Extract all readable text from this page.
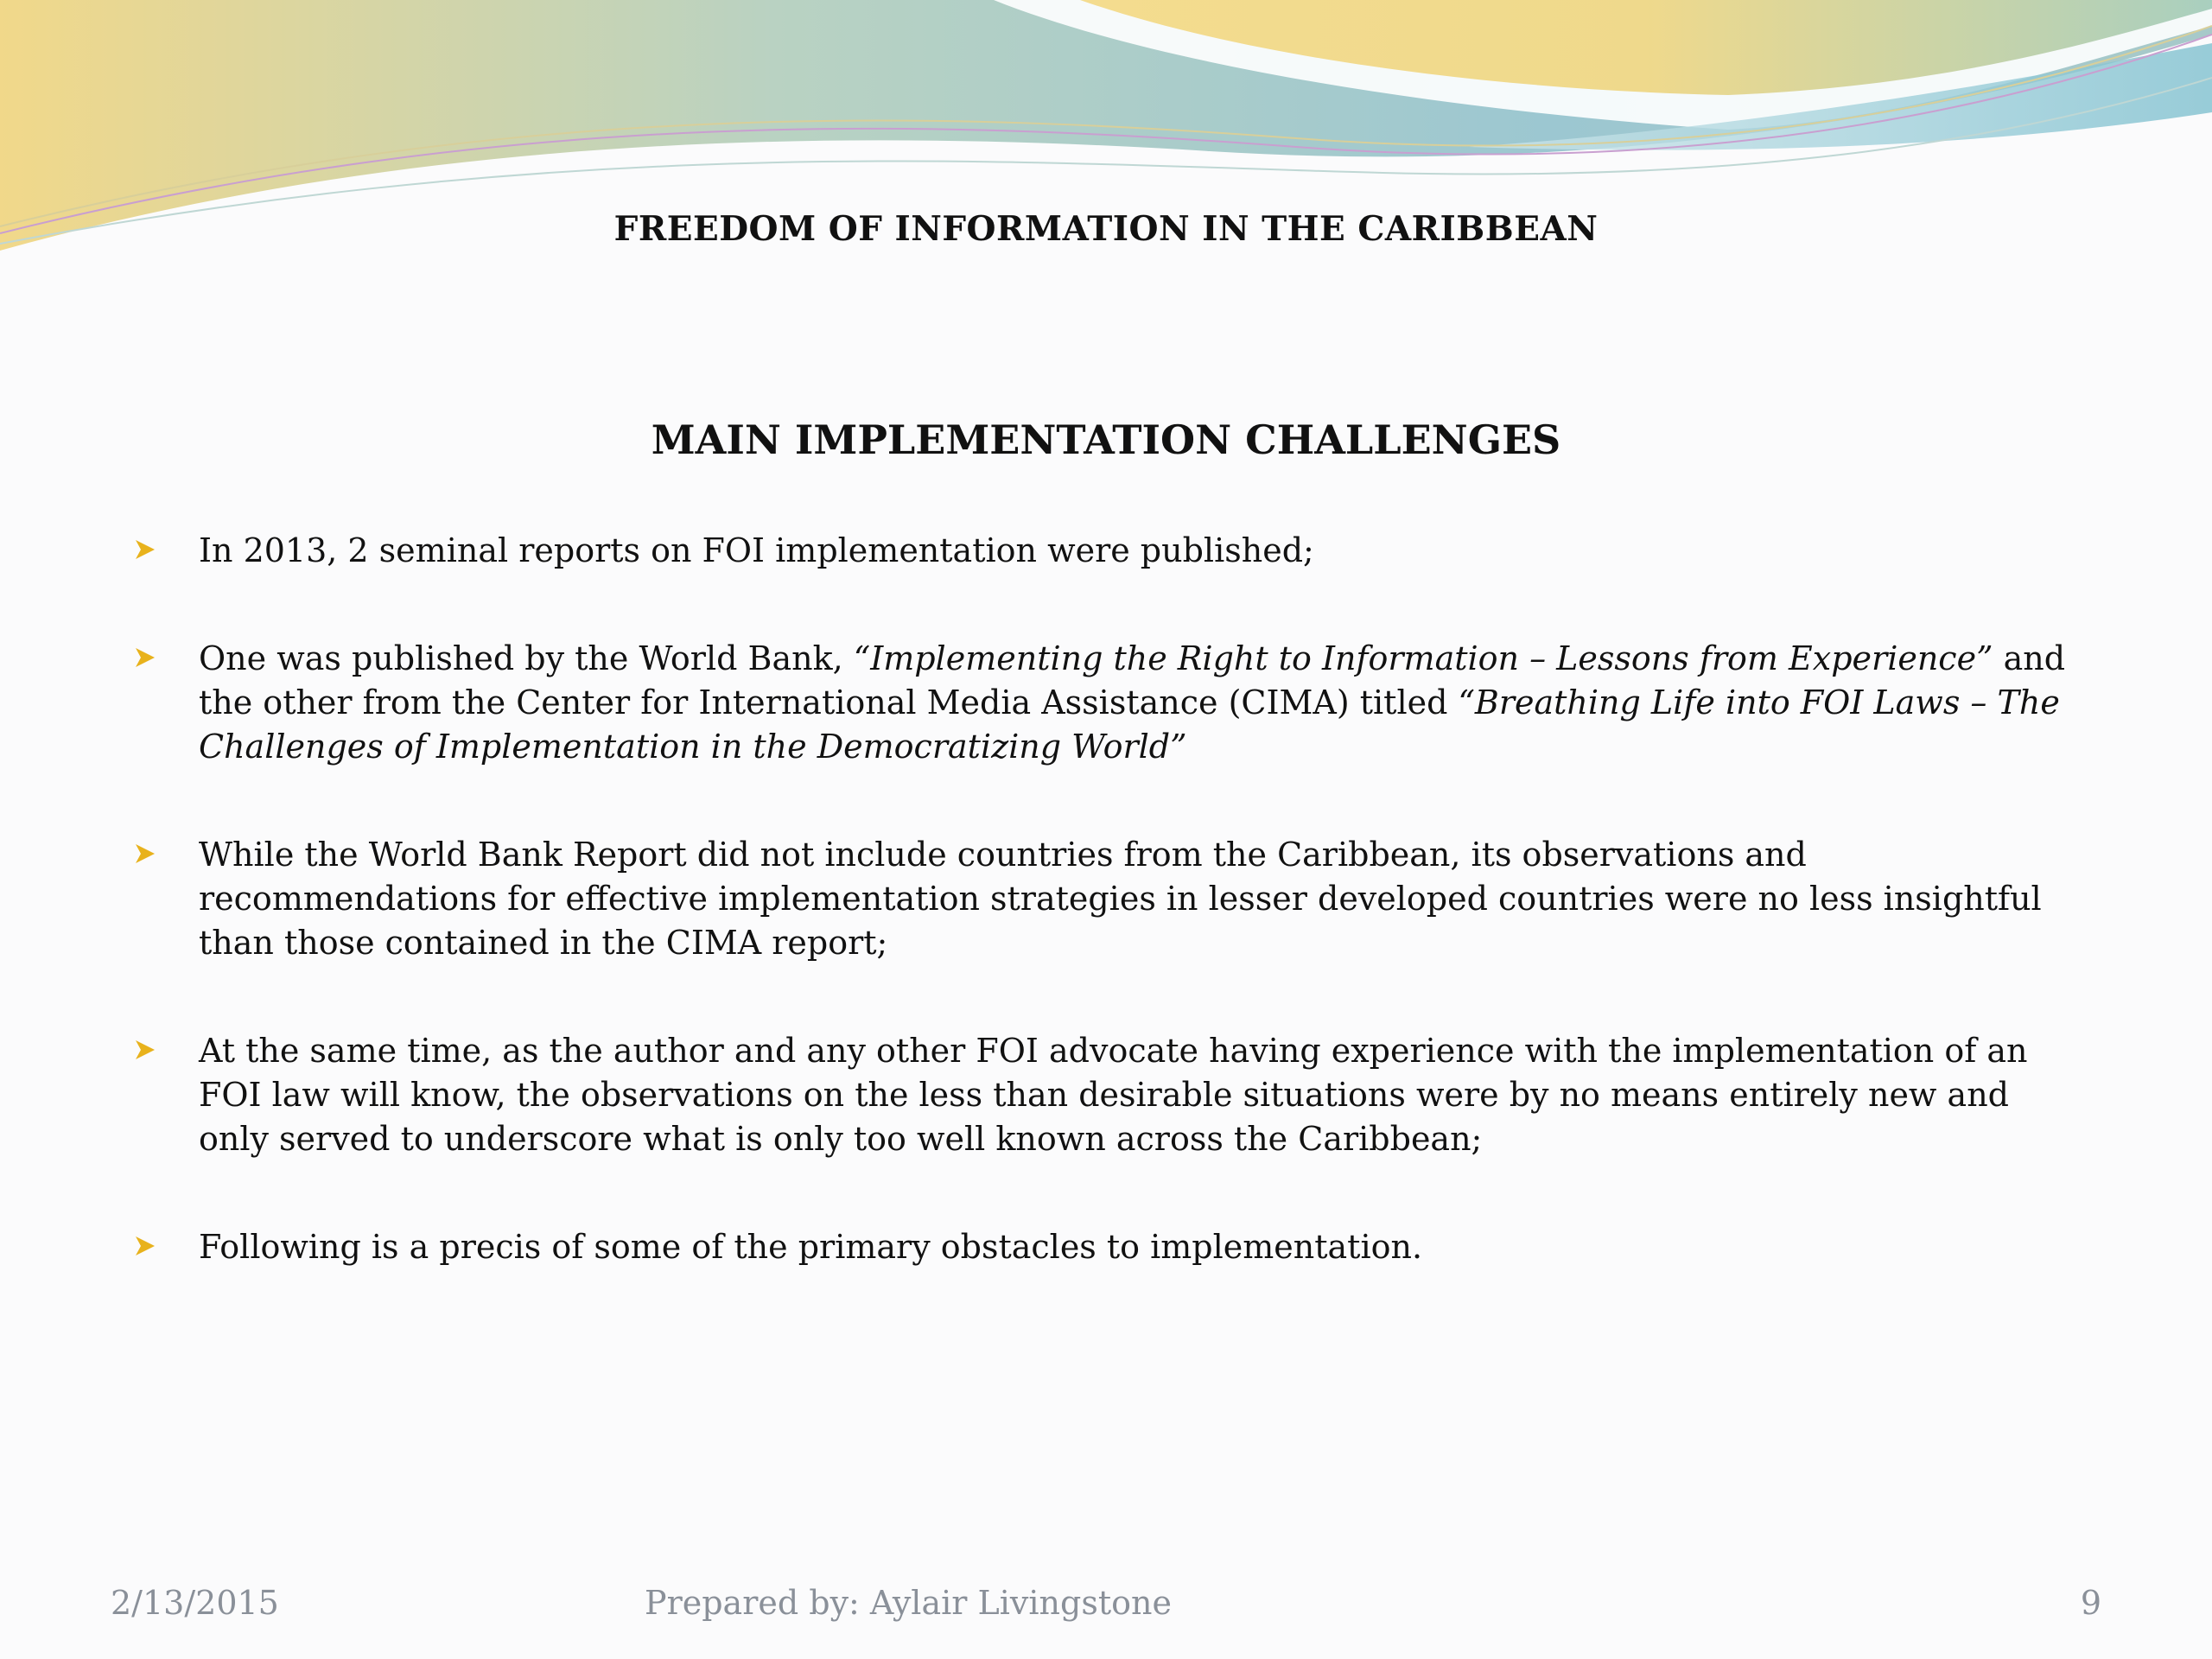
FREEDOM OF INFORMATION IN THE CARIBBEAN
MAIN IMPLEMENTATION CHALLENGES
In 2013, 2 seminal reports on FOI implementation were published;
One was published by the World Bank, “Implementing the Right to Information – Lessons from Experience” and the other from the Center for International Media Assistance (CIMA) titled “Breathing Life into FOI Laws – The Challenges of Implementation in the Democratizing World”
While the World Bank Report did not include countries from the Caribbean, its observations and recommendations for effective implementation strategies in lesser developed countries were no less insightful than those contained in the CIMA report;
At the same time, as the author and any other FOI advocate having experience with the implementation of an FOI law will know, the observations on the less than desirable situations were by no means entirely new and only served to underscore what is only too well known across the Caribbean;
Following is a precis of some of the primary obstacles to implementation.
2/13/2015	Prepared by: Aylair Livingstone	9
